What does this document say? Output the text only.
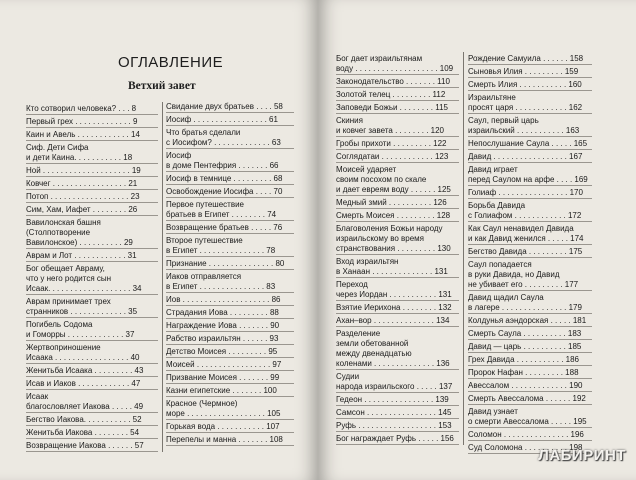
ОГЛАВЛЕНИЕ
Ветхий завет
Кто сотворил человека? . . . 8
Первый грех . . . . . . . . . . . . . 9
Каин и Авель . . . . . . . . . . . . 14
Сиф. Дети Сифа
и дети Каина. . . . . . . . . . . 18
Ной . . . . . . . . . . . . . . . . . . . . 19
Ковчег . . . . . . . . . . . . . . . . . 21
Потоп . . . . . . . . . . . . . . . . . . 23
Сим, Хам, Иафет . . . . . . . . 26
Вавилонская башня
(Столпотворение
Вавилонское) . . . . . . . . . . 29
Аврам и Лот . . . . . . . . . . . . 31
Бог обещает Авраму,
что у него родится сын
Исаак. . . . . . . . . . . . . . . . . . . 34
Аврам принимает трех
странников . . . . . . . . . . . . . 35
Погибель Содома
и Гоморры . . . . . . . . . . . . . 37
Жертвоприношение
Исаака . . . . . . . . . . . . . . . . . 40
Женитьба Исаака . . . . . . . . . 43
Исав и Иаков . . . . . . . . . . . . 47
Исаак
благословляет Иакова . . . . . 49
Бегство Иакова. . . . . . . . . . . 52
Женитьба Иакова . . . . . . . . 54
Возвращение Иакова . . . . . . 57
Свидание двух братьев . . . . 58
Иосиф . . . . . . . . . . . . . . . . . 61
Что братья сделали
с Иосифом? . . . . . . . . . . . . . 63
Иосиф
в доме Пентефрия . . . . . . . 66
Иосиф в темнице . . . . . . . . . 68
Освобождение Иосифа . . . . 70
Первое путешествие
братьев в Египет . . . . . . . . 74
Возвращение братьев . . . . . 76
Второе путешествие
в Египет . . . . . . . . . . . . . . . 78
Признание . . . . . . . . . . . . . . . 80
Иаков отправляется
в Египет . . . . . . . . . . . . . . . 83
Иов . . . . . . . . . . . . . . . . . . . . 86
Страдания Иова . . . . . . . . . 88
Награждение Иова . . . . . . . 90
Рабство израильтян . . . . . . 93
Детство Моисея . . . . . . . . . 95
Моисей . . . . . . . . . . . . . . . . . 97
Призвание Моисея . . . . . . . 99
Казни египетские . . . . . . . 100
Красное (Чермное)
море . . . . . . . . . . . . . . . . . . 105
Горькая вода . . . . . . . . . . . 107
Перепелы и манна . . . . . . . 108
Бог дает израильтянам
воду . . . . . . . . . . . . . . . . . . . 109
Законодательство . . . . . . . 110
Золотой телец . . . . . . . . . 112
Заповеди Божьи . . . . . . . . 115
Скиния
и ковчег завета . . . . . . . . 120
Гробы прихоти . . . . . . . . . 122
Соглядатаи . . . . . . . . . . . . 123
Моисей ударяет
своим посохом по скале
и дает евреям воду . . . . . . 125
Медный змий . . . . . . . . . . 126
Смерть Моисея . . . . . . . . . 128
Благоволения Божьи народу
израильскому во время
странствования . . . . . . . . . 130
Вход израильтян
в Ханаан . . . . . . . . . . . . . . 131
Переход
через Иордан . . . . . . . . . . . 131
Взятие Иерихона . . . . . . . . 132
Ахан–вор . . . . . . . . . . . . . . 134
Разделение
земли обетованной
между двенадцатью
коленами . . . . . . . . . . . . . . 136
Судии
народа израильского . . . . . 137
Гедеон . . . . . . . . . . . . . . . . 139
Самсон . . . . . . . . . . . . . . . . 145
Руфь . . . . . . . . . . . . . . . . . . 153
Бог награждает Руфь . . . . . 156
Рождение Самуила . . . . . . 158
Сыновья Илия . . . . . . . . . 159
Смерть Илия . . . . . . . . . . . 160
Израильтяне
просят царя . . . . . . . . . . . . 162
Саул, первый царь
израильский . . . . . . . . . . . 163
Непослушание Саула . . . . . 165
Давид . . . . . . . . . . . . . . . . . 167
Давид играет
перед Саулом на арфе . . . . 169
Голиаф . . . . . . . . . . . . . . . . 170
Борьба Давида
с Голиафом . . . . . . . . . . . . 172
Как Саул ненавидел Давида
и как Давид женился . . . . . 174
Бегство Давида . . . . . . . . . 175
Саул попадается
в руки Давида, но Давид
не убивает его . . . . . . . . . 177
Давид щадил Саула
в лагере . . . . . . . . . . . . . . . 179
Колдунья аэндорская . . . . . 181
Смерть Саула . . . . . . . . . . 183
Давид — царь . . . . . . . . . . 185
Грех Давида . . . . . . . . . . . 186
Пророк Нафан . . . . . . . . . 188
Авессалом . . . . . . . . . . . . . 190
Смерть Авессалома . . . . . . 192
Давид узнает
о смерти Авессалома . . . . . 195
Соломон . . . . . . . . . . . . . . . 196
Суд Соломона . . . . . . . . . . 198
ЛАБИРИНТ
